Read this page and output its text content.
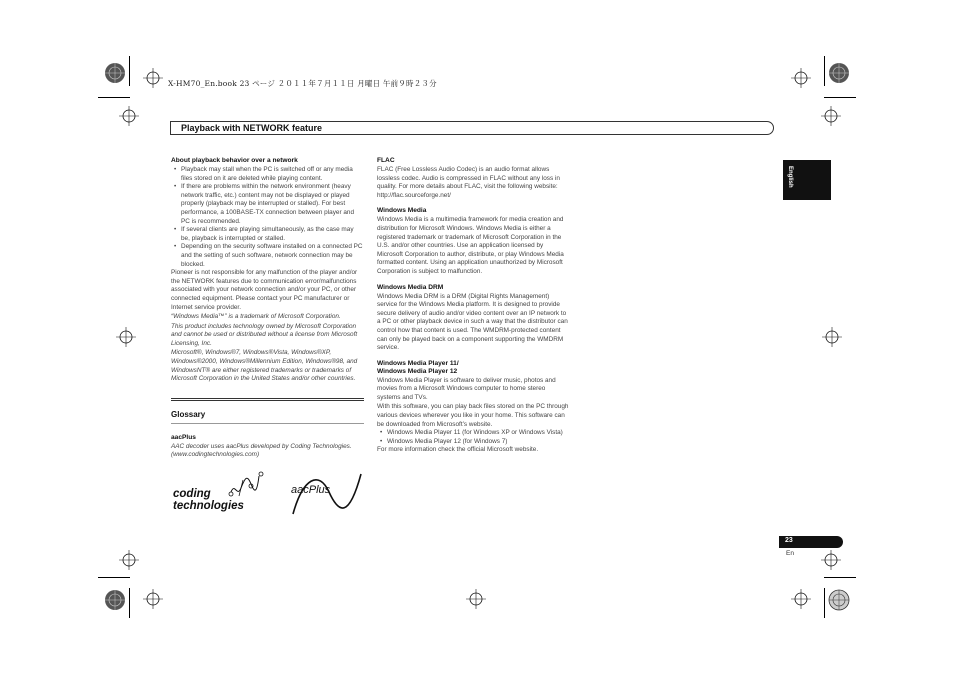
X-HM70_En.book 23 ページ ２０１１年７月１１日 月曜日 午前９時２３分
Playback with NETWORK feature
About playback behavior over a network
• Playback may stall when the PC is switched off or any media files stored on it are deleted while playing content.
• If there are problems within the network environment (heavy network traffic, etc.) content may not be displayed or played properly (playback may be interrupted or stalled). For best performance, a 100BASE-TX connection between player and PC is recommended.
• If several clients are playing simultaneously, as the case may be, playback is interrupted or stalled.
• Depending on the security software installed on a connected PC and the setting of such software, network connection may be blocked.

Pioneer is not responsible for any malfunction of the player and/or the NETWORK features due to communication error/malfunctions associated with your network connection and/or your PC, or other connected equipment. Please contact your PC manufacturer or Internet service provider.

“Windows Media™” is a trademark of Microsoft Corporation.

This product includes technology owned by Microsoft Corporation and cannot be used or distributed without a license from Microsoft Licensing, Inc.

Microsoft®, Windows®7, Windows®Vista, Windows®XP, Windows®2000, Windows®Millennium Edition, Windows®98, and WindowsNT® are either registered trademarks or trademarks of Microsoft Corporation in the United States and/or other countries.

Glossary
aacPlus

AAC decoder uses aacPlus developed by Coding Technologies. (www.codingtechnologies.com)

coding
technologies
aacPlus
FLAC

FLAC (Free Lossless Audio Codec) is an audio format allows lossless codec. Audio is compressed in FLAC without any loss in quality. For more details about FLAC, visit the following website: http://flac.sourceforge.net/

Windows Media

Windows Media is a multimedia framework for media creation and distribution for Microsoft Windows. Windows Media is either a registered trademark or trademark of Microsoft Corporation in the U.S. and/or other countries. Use an application licensed by Microsoft Corporation to author, distribute, or play Windows Media formatted content. Using an application unauthorized by Microsoft Corporation is subject to malfunction.

Windows Media DRM

Windows Media DRM is a DRM (Digital Rights Management) service for the Windows Media platform. It is designed to provide secure delivery of audio and/or video content over an IP network to a PC or other playback device in such a way that the distributor can control how that content is used. The WMDRM-protected content can only be played back on a component supporting the WMDRM service.

Windows Media Player 11/
Windows Media Player 12

Windows Media Player is software to deliver music, photos and movies from a Microsoft Windows computer to home stereo systems and TVs.

With this software, you can play back files stored on the PC through various devices wherever you like in your home. This software can be downloaded from Microsoft’s website.

• Windows Media Player 11 (for Windows XP or Windows Vista)
• Windows Media Player 12 (for Windows 7)

For more information check the official Microsoft website.

English
23
En
